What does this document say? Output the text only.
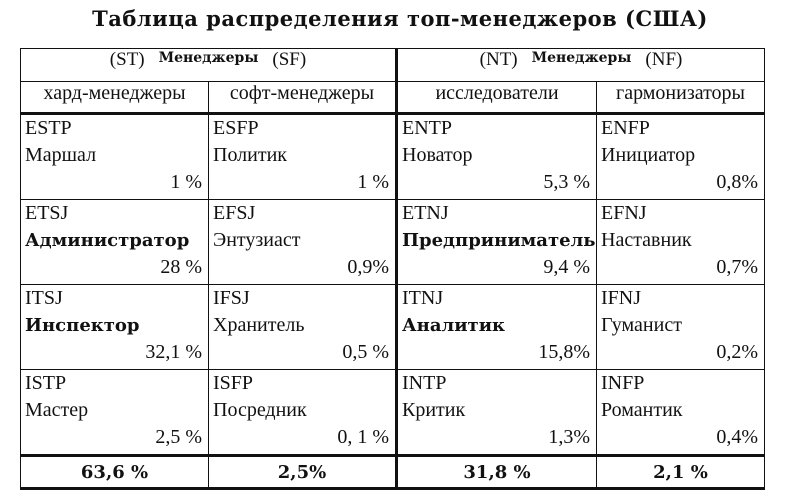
Таблица распределения топ-менеджеров (США)
(ST) Менеджеры (SF)		(NT) Менеджеры (NF)	
хард-менеджеры	софт-менеджеры	исследователи	гармонизаторы

ESTP
Маршал
1 %	ESFP
Политик
1 %	ENTP
Новатор
5,3 %	ENFP
Инициатор
0,8%

ETSJ
Администратор
28 %	EFSJ
Энтузиаст
0,9%	ETNJ
Предприниматель
9,4 %	EFNJ
Наставник
0,7%

ITSJ
Инспектор
32,1 %	IFSJ
Хранитель
0,5 %	ITNJ
Аналитик
15,8%	IFNJ
Гуманист
0,2%

ISTP
Мастер
2,5 %	ISFP
Посредник
0, 1 %	INTP
Критик
1,3%	INFP
Романтик
0,4%

63,6 %	2,5%	31,8 %	2,1 %
